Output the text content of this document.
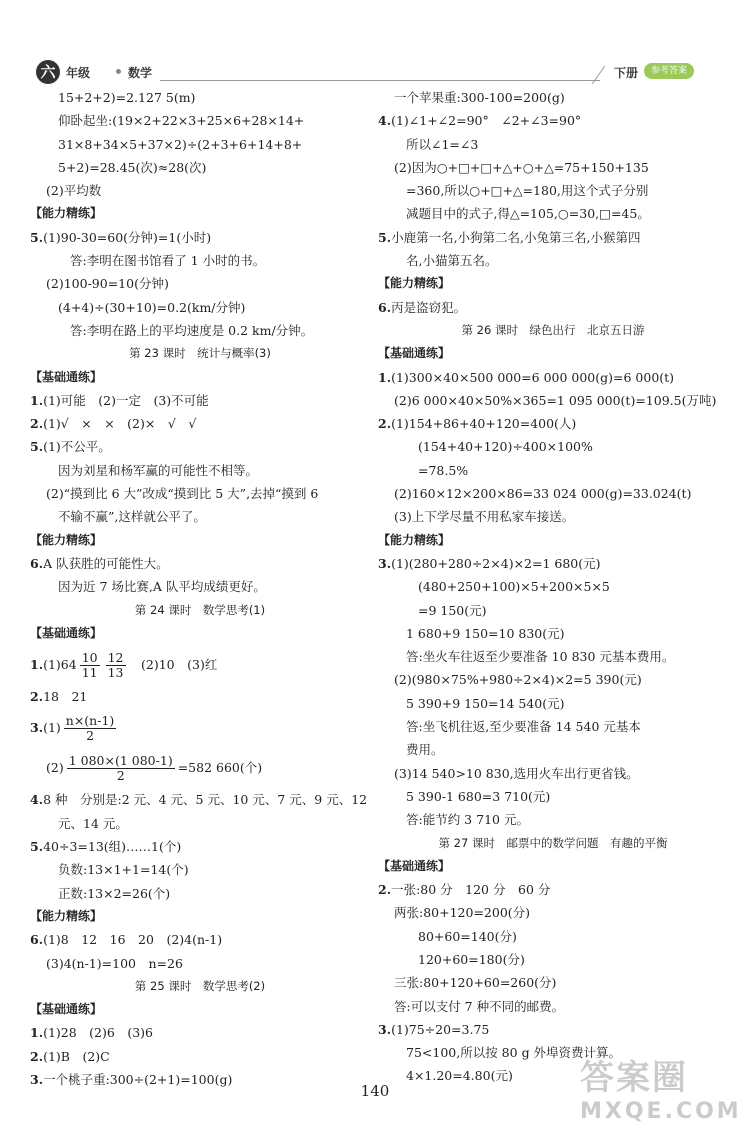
六 年级	数学	下册	参考答案
15+2+2)=2.127 5(m)
仰卧起坐:(19×2+22×3+25×6+28×14+
31×8+34×5+37×2)÷(2+3+6+14+8+
5+2)=28.45(次)≈28(次)
(2)平均数
【能力精练】
5.(1)90-30=60(分钟)=1(小时)
答:李明在图书馆看了 1 小时的书。
(2)100-90=10(分钟)
(4+4)÷(30+10)=0.2(km/分钟)
答:李明在路上的平均速度是 0.2 km/分钟。
第 23 课时　统计与概率(3)
【基础通练】
1.(1)可能　(2)一定　(3)不可能
2.(1)√　×　×　(2)×　√　√
5.(1)不公平。
因为刘星和杨军赢的可能性不相等。
(2)“摸到比 6 大”改成“摸到比 5 大”,去掉“摸到 6
不输不赢”,这样就公平了。
【能力精练】
6.A 队获胜的可能性大。
因为近 7 场比赛,A 队平均成绩更好。
第 24 课时　数学思考(1)
【基础通练】
$1.(1)64 \frac{10}{11} \frac{12}{13}$ 　(2)10　(3)红
2.18　21
$3.(1) \frac{n\times(n-1)}{2}$
$(2) \frac{1 080\times(1 080-1)}{2} =582$ 660(个)
4.8 种　分别是:2 元、4 元、5 元、10 元、7 元、9 元、12
元、14 元。
5.40÷3=13(组)……1(个)
负数:13×1+1=14(个)
正数:13×2=26(个)
【能力精练】
6.(1)8　12　16　20　(2)4(n-1)
(3)4(n-1)=100　n=26
第 25 课时　数学思考(2)
【基础通练】
1.(1)28　(2)6　(3)6
2.(1)B　(2)C
3.一个桃子重:300÷(2+1)=100(g)
一个苹果重:300-100=200(g)
4.(1)∠1+∠2=90°　∠2+∠3=90°
所以∠1=∠3
(2)因为○+□+□+△+○+△=75+150+135
=360,所以○+□+△=180,用这个式子分别
减题目中的式子,得△=105,○=30,□=45。
5.小鹿第一名,小狗第二名,小兔第三名,小猴第四
名,小猫第五名。
【能力精练】
6.丙是盗窃犯。
第 26 课时　绿色出行　北京五日游
【基础通练】
1.(1)300×40×500 000=6 000 000(g)=6 000(t)
(2)6 000×40×50%×365=1 095 000(t)=109.5(万吨)
2.(1)154+86+40+120=400(人)
(154+40+120)÷400×100%
=78.5%
(2)160×12×200×86=33 024 000(g)=33.024(t)
(3)上下学尽量不用私家车接送。
【能力精练】
3.(1)(280+280÷2×4)×2=1 680(元)
(480+250+100)×5+200×5×5
=9 150(元)
1 680+9 150=10 830(元)
答:坐火车往返至少要准备 10 830 元基本费用。
(2)(980×75%+980÷2×4)×2=5 390(元)
5 390+9 150=14 540(元)
答:坐飞机往返,至少要准备 14 540 元基本
费用。
(3)14 540>10 830,选用火车出行更省钱。
5 390-1 680=3 710(元)
答:能节约 3 710 元。
第 27 课时　邮票中的数学问题　有趣的平衡
【基础通练】
2.一张:80 分　120 分　60 分
两张:80+120=200(分)
80+60=140(分)
120+60=180(分)
三张:80+120+60=260(分)
答:可以支付 7 种不同的邮费。
3.(1)75÷20=3.75
75<100,所以按 80 g 外埠资费计算。
4×1.20=4.80(元)
140	答案圈
MXQE.COM
